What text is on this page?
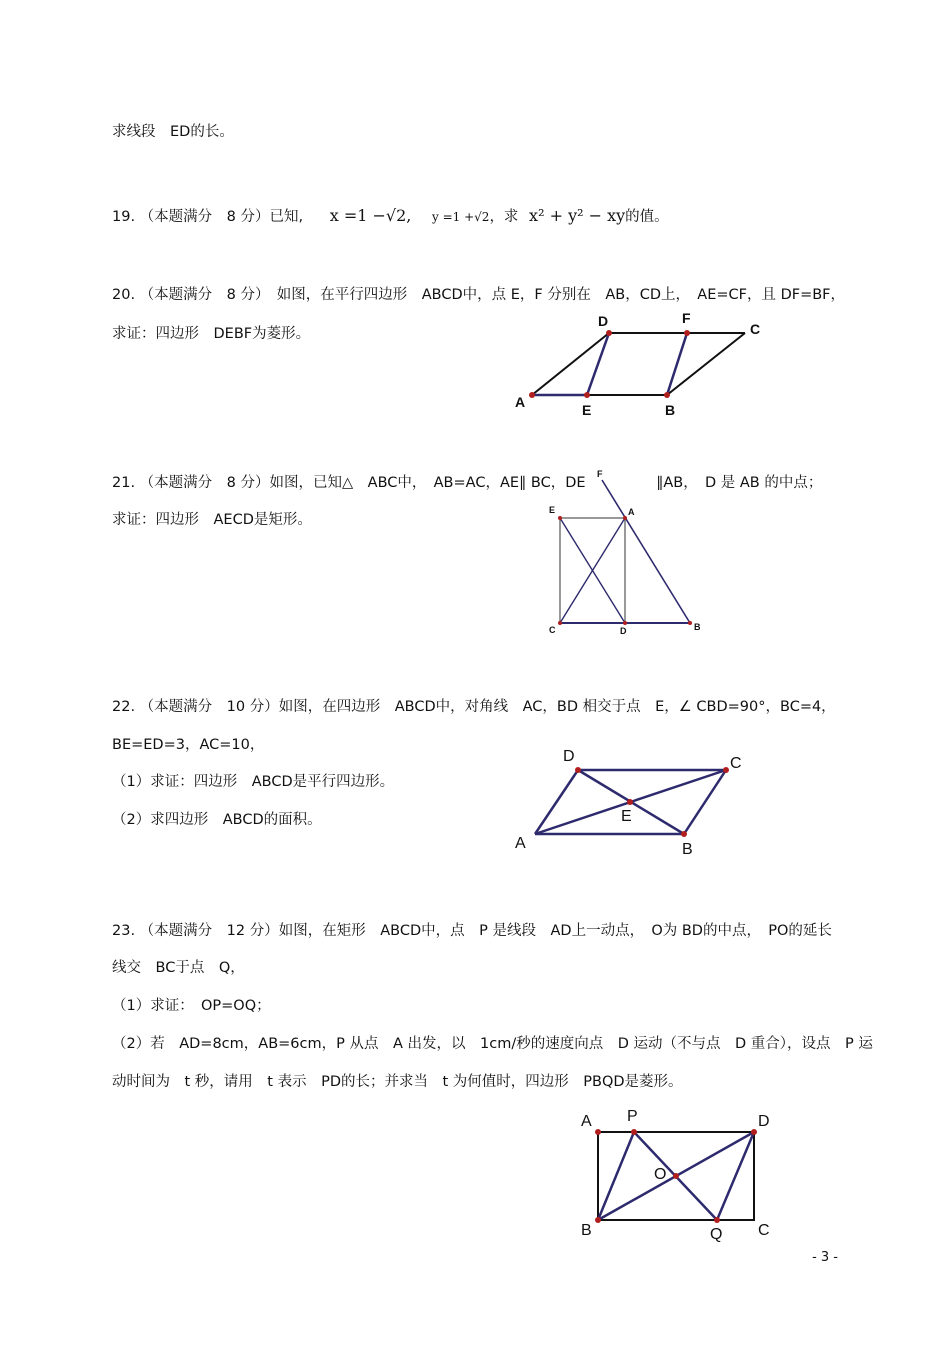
求线段　ED的长。
19. （本题满分　8 分）已知, x =1 −√2, y =1 +√2，求 x² + y² − xy的值。
20. （本题满分　8 分）　如图，在平行四边形　ABCD中，点 E，F 分别在　AB，CD上，　AE=CF，且 DF=BF，
求证：四边形　DEBF为菱形。
D	F
C
A	E	B
21. （本题满分　8 分）如图，已知△　ABC中，　AB=AC，AE∥ BC，DE	∥AB，　D 是 AB 的中点；
求证：四边形　AECD是矩形。
F
E	A
C	D	B
22. （本题满分　10 分）如图，在四边形　ABCD中，对角线　AC，BD 相交于点　E，∠ CBD=90°，BC=4，
BE=ED=3，AC=10，
（1）求证：四边形　ABCD是平行四边形。
（2）求四边形　ABCD的面积。
D	C
E
A	B
23. （本题满分　12 分）如图，在矩形　ABCD中，点　P 是线段　AD上一动点，　O为 BD的中点，　PO的延长
线交　BC于点　Q，
（1）求证：　OP=OQ；
（2）若　AD=8cm，AB=6cm，P 从点　A 出发，以　1cm/秒的速度向点　D 运动（不与点　D 重合），设点　P 运
动时间为　t 秒，请用　t 表示　PD的长；并求当　t 为何值时，四边形　PBQD是菱形。
A P	D
O
B	Q C
- 3 -
